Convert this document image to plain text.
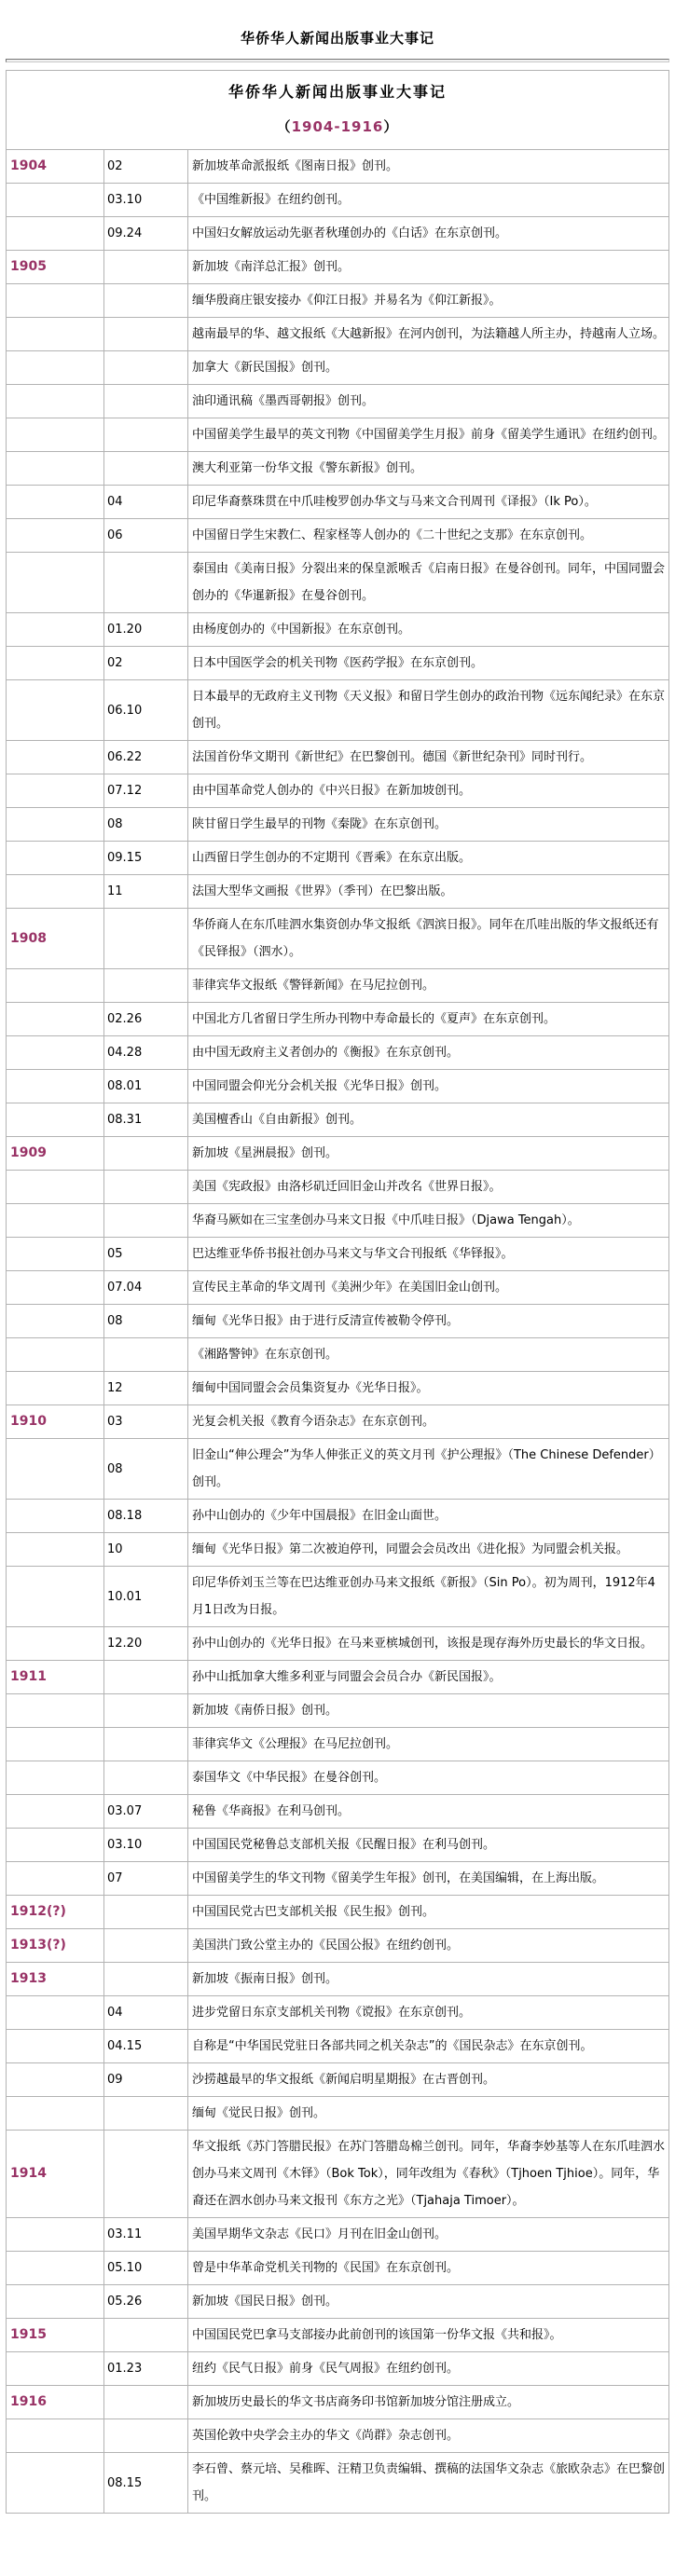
华侨华人新闻出版事业大事记
华侨华人新闻出版事业大事记
（1904-1916）		

1904	02	新加坡革命派报纸《图南日报》创刊。
	03.10	《中国维新报》在纽约创刊。
	09.24	中国妇女解放运动先驱者秋瑾创办的《白话》在东京创刊。
1905		新加坡《南洋总汇报》创刊。
		缅华殷商庄银安接办《仰江日报》并易名为《仰江新报》。
		越南最早的华、越文报纸《大越新报》在河内创刊，为法籍越人所主办，持越南人立场。
		加拿大《新民国报》创刊。
		油印通讯稿《墨西哥朝报》创刊。
		中国留美学生最早的英文刊物《中国留美学生月报》前身《留美学生通讯》在纽约创刊。
		澳大利亚第一份华文报《警东新报》创刊。
	04	印尼华裔蔡珠贯在中爪哇梭罗创办华文与马来文合刊周刊《译报》（Ik Po）。
	06	中国留日学生宋教仁、程家柽等人创办的《二十世纪之支那》在东京创刊。
		泰国由《美南日报》分裂出来的保皇派喉舌《启南日报》在曼谷创刊。同年，中国同盟会创办的《华暹新报》在曼谷创刊。
	01.20	由杨度创办的《中国新报》在东京创刊。
	02	日本中国医学会的机关刊物《医药学报》在东京创刊。
	06.10	日本最早的无政府主义刊物《天义报》和留日学生创办的政治刊物《远东闻纪录》在东京创刊。
	06.22	法国首份华文期刊《新世纪》在巴黎创刊。德国《新世纪杂刊》同时刊行。
	07.12	由中国革命党人创办的《中兴日报》在新加坡创刊。
	08	陕甘留日学生最早的刊物《秦陇》在东京创刊。
	09.15	山西留日学生创办的不定期刊《晋乘》在东京出版。
	11	法国大型华文画报《世界》（季刊）在巴黎出版。
1908		华侨商人在东爪哇泗水集资创办华文报纸《泗滨日报》。同年在爪哇出版的华文报纸还有《民铎报》（泗水）。
		菲律宾华文报纸《警铎新闻》在马尼拉创刊。
	02.26	中国北方几省留日学生所办刊物中寿命最长的《夏声》在东京创刊。
	04.28	由中国无政府主义者创办的《衡报》在东京创刊。
	08.01	中国同盟会仰光分会机关报《光华日报》创刊。
	08.31	美国檀香山《自由新报》创刊。
1909		新加坡《星洲晨报》创刊。
		美国《宪政报》由洛杉矶迁回旧金山并改名《世界日报》。
		华裔马厥如在三宝垄创办马来文日报《中爪哇日报》（Djawa Tengah）。
	05	巴达维亚华侨书报社创办马来文与华文合刊报纸《华铎报》。
	07.04	宣传民主革命的华文周刊《美洲少年》在美国旧金山创刊。
	08	缅甸《光华日报》由于进行反清宣传被勒令停刊。
		《湘路警钟》在东京创刊。
	12	缅甸中国同盟会会员集资复办《光华日报》。
1910	03	光复会机关报《教育今语杂志》在东京创刊。
	08	旧金山“伸公理会”为华人伸张正义的英文月刊《护公理报》（The Chinese Defender）创刊。
	08.18	孙中山创办的《少年中国晨报》在旧金山面世。
	10	缅甸《光华日报》第二次被迫停刊，同盟会会员改出《进化报》为同盟会机关报。
	10.01	印尼华侨刘玉兰等在巴达维亚创办马来文报纸《新报》（Sin Po）。初为周刊，1912年4月1日改为日报。
	12.20	孙中山创办的《光华日报》在马来亚槟城创刊，该报是现存海外历史最长的华文日报。
1911		孙中山抵加拿大维多利亚与同盟会会员合办《新民国报》。
		新加坡《南侨日报》创刊。
		菲律宾华文《公理报》在马尼拉创刊。
		泰国华文《中华民报》在曼谷创刊。
	03.07	秘鲁《华商报》在利马创刊。
	03.10	中国国民党秘鲁总支部机关报《民醒日报》在利马创刊。
	07	中国留美学生的华文刊物《留美学生年报》创刊，在美国编辑，在上海出版。
1912(?)		中国国民党古巴支部机关报《民生报》创刊。
1913(?)		美国洪门致公堂主办的《民国公报》在纽约创刊。
1913		新加坡《振南日报》创刊。
	04	进步党留日东京支部机关刊物《谠报》在东京创刊。
	04.15	自称是“中华国民党驻日各部共同之机关杂志”的《国民杂志》在东京创刊。
	09	沙捞越最早的华文报纸《新闻启明星期报》在古晋创刊。
		缅甸《觉民日报》创刊。
1914		华文报纸《苏门答腊民报》在苏门答腊岛棉兰创刊。同年，华裔李妙基等人在东爪哇泗水创办马来文周刊《木铎》（Bok Tok），同年改组为《春秋》（Tjhoen Tjhioe）。同年，华裔还在泗水创办马来文报刊《东方之光》（Tjahaja Timoer）。
	03.11	美国早期华文杂志《民口》月刊在旧金山创刊。
	05.10	曾是中华革命党机关刊物的《民国》在东京创刊。
	05.26	新加坡《国民日报》创刊。
1915		中国国民党巴拿马支部接办此前创刊的该国第一份华文报《共和报》。
	01.23	纽约《民气日报》前身《民气周报》在纽约创刊。
1916		新加坡历史最长的华文书店商务印书馆新加坡分馆注册成立。
		英国伦敦中央学会主办的华文《尚群》杂志创刊。
	08.15	李石曾、蔡元培、吴稚晖、汪精卫负责编辑、撰稿的法国华文杂志《旅欧杂志》在巴黎创刊。
